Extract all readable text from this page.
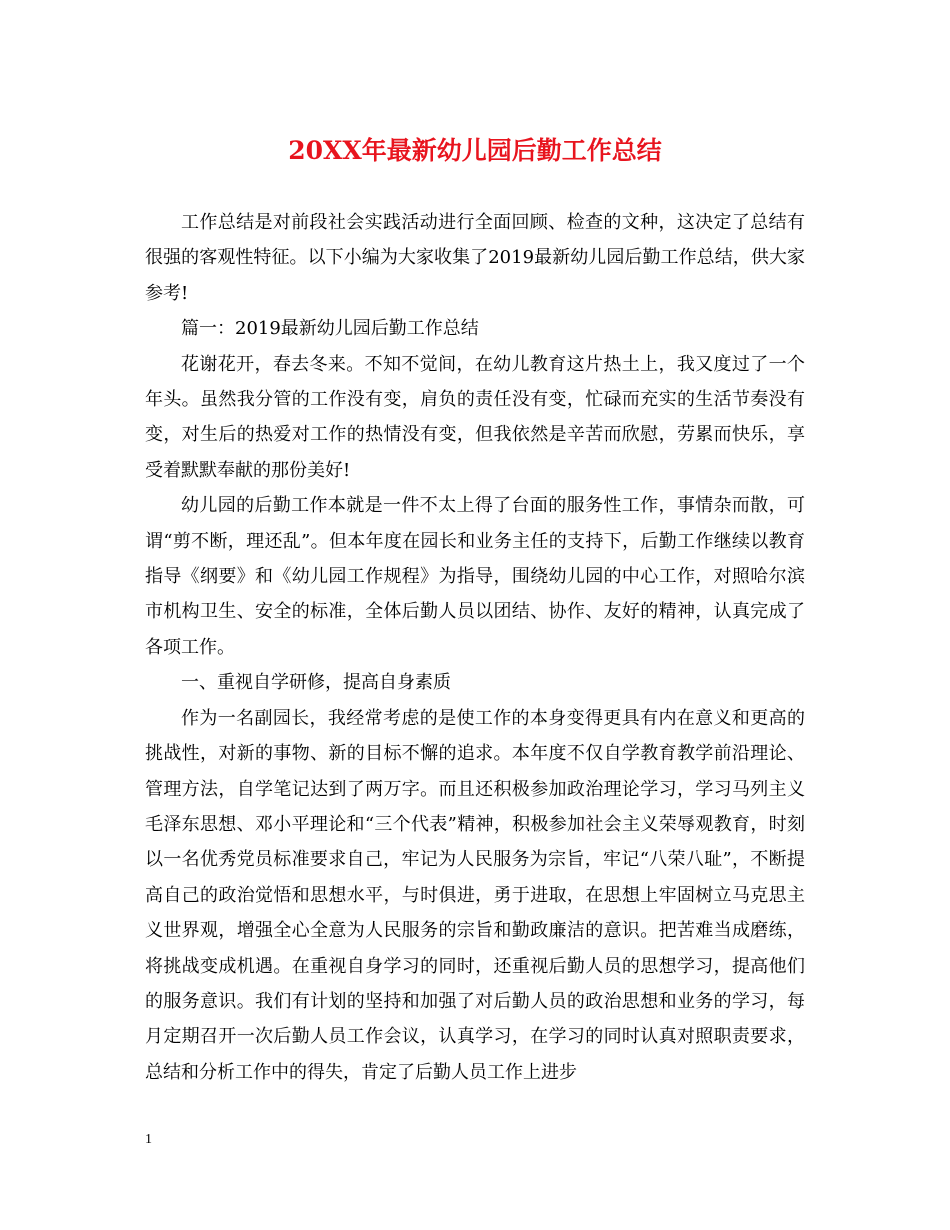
20XX年最新幼儿园后勤工作总结

工作总结是对前段社会实践活动进行全面回顾、检查的文种，这决定了总结有很强的客观性特征。以下小编为大家收集了2019最新幼儿园后勤工作总结，供大家参考!

篇一：2019最新幼儿园后勤工作总结

花谢花开，春去冬来。不知不觉间，在幼儿教育这片热土上，我又度过了一个年头。虽然我分管的工作没有变，肩负的责任没有变，忙碌而充实的生活节奏没有变，对生后的热爱对工作的热情没有变，但我依然是辛苦而欣慰，劳累而快乐，享受着默默奉献的那份美好!

幼儿园的后勤工作本就是一件不太上得了台面的服务性工作，事情杂而散，可谓“剪不断，理还乱”。但本年度在园长和业务主任的支持下，后勤工作继续以教育指导《纲要》和《幼儿园工作规程》为指导，围绕幼儿园的中心工作，对照哈尔滨市机构卫生、安全的标准，全体后勤人员以团结、协作、友好的精神，认真完成了各项工作。

一、重视自学研修，提高自身素质

作为一名副园长，我经常考虑的是使工作的本身变得更具有内在意义和更高的挑战性，对新的事物、新的目标不懈的追求。本年度不仅自学教育教学前沿理论、管理方法，自学笔记达到了两万字。而且还积极参加政治理论学习，学习马列主义毛泽东思想、邓小平理论和“三个代表”精神，积极参加社会主义荣辱观教育，时刻以一名优秀党员标准要求自己，牢记为人民服务为宗旨，牢记“八荣八耻”，不断提高自己的政治觉悟和思想水平，与时俱进，勇于进取，在思想上牢固树立马克思主义世界观，增强全心全意为人民服务的宗旨和勤政廉洁的意识。把苦难当成磨练，将挑战变成机遇。在重视自身学习的同时，还重视后勤人员的思想学习，提高他们的服务意识。我们有计划的坚持和加强了对后勤人员的政治思想和业务的学习，每月定期召开一次后勤人员工作会议，认真学习，在学习的同时认真对照职责要求，总结和分析工作中的得失，肯定了后勤人员工作上进步

1
